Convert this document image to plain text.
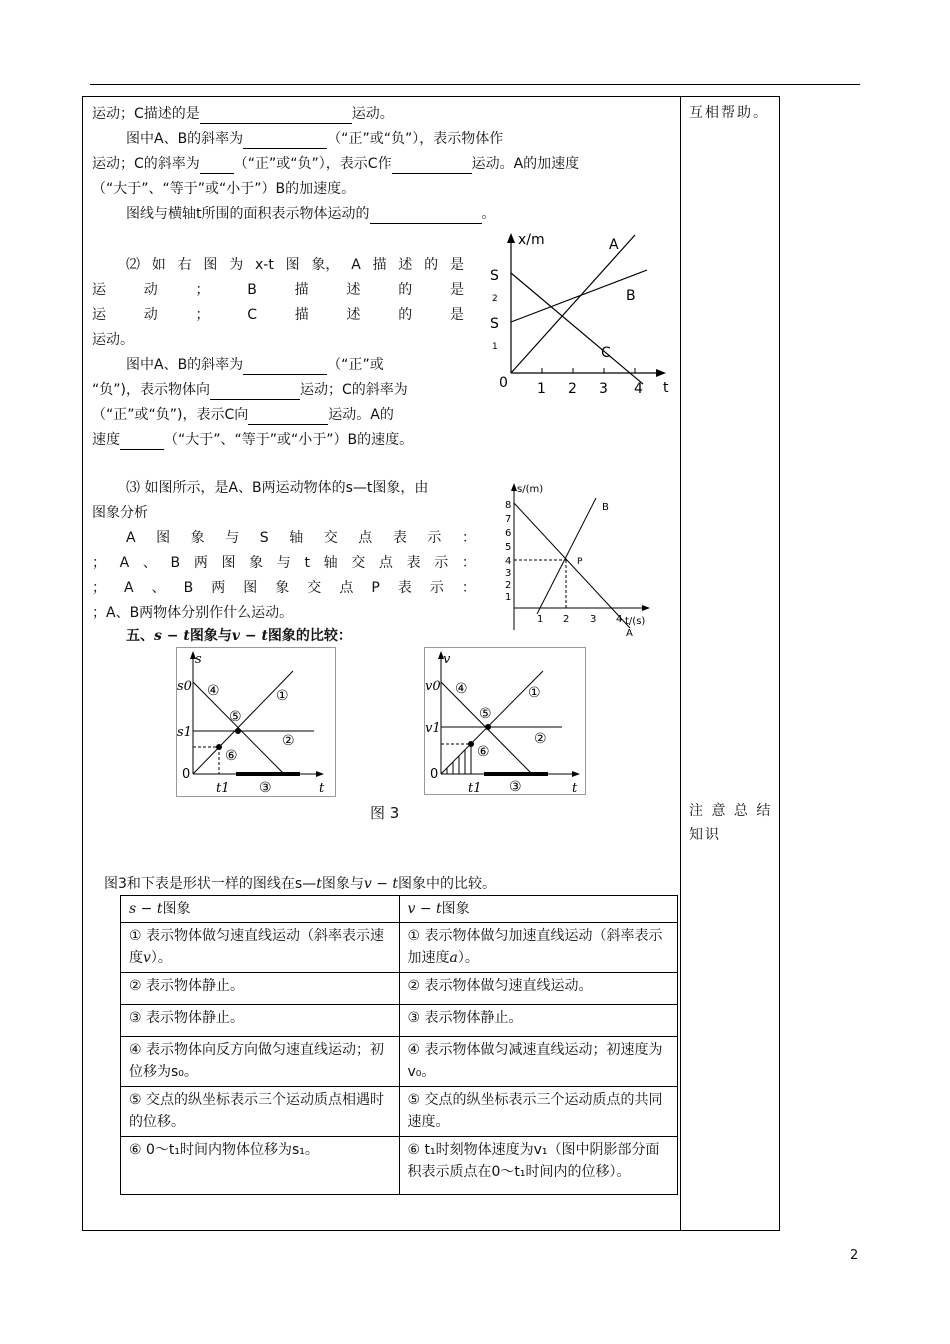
互相帮助。
注 意 总 结
知识
运动；C描述的是	运动。
图中A、B的斜率为	（“正”或“负”），表示物体作
运动；C的斜率为 （“正”或“负”），表示C作	运动。A的加速度
（“大于”、“等于”或“小于”）B的加速度。
图线与横轴t所围的面积表示物体运动的	。
⑵ 如 右 图 为 x-t 图 象， A 描 述 的 是
运	动	；	B	描	述	的	是
运	动	；	C	描	述	的	是
运动。
图中A、B的斜率为	（“正”或
“负”)，表示物体向	运动；C的斜率为
（“正”或“负”)，表示C向	运动。A的
速度	（“大于”、“等于”或“小于”）B的速度。
x/m
S
2
S
1
0 1 2 3 4 t
A
B
C
⑶ 如图所示，是A、B两运动物体的s—t图象，由
图象分析
A 图 象 与 S 轴 交 点 表 示 ：
； A 、 B 两 图 象 与 t 轴 交 点 表 示 ：
； A 、 B 两 图 象 交 点 P 表 示 ：
；A、B两物体分别作什么运动。
s/(m)
1
2
3
4
5
6
7
8
1 2 3 4 t/(s)
A
B
P
五、s − t图象与v − t图象的比较：
s
s0
s1
0
t1	t
①
②
③
④
⑤
⑥
v
v0
v1
0
t1	t
①
②
③
④
⑤
⑥
图 3
图3和下表是形状一样的图线在s—t图象与v − t图象中的比较。
s − t图象	v − t图象
① 表示物体做匀速直线运动（斜率表示速度v）。	① 表示物体做匀加速直线运动（斜率表示加速度a）。
② 表示物体静止。	② 表示物体做匀速直线运动。
③ 表示物体静止。	③ 表示物体静止。
④ 表示物体向反方向做匀速直线运动；初位移为s₀。	④ 表示物体做匀减速直线运动；初速度为v₀。
⑤ 交点的纵坐标表示三个运动质点相遇时的位移。	⑤ 交点的纵坐标表示三个运动质点的共同速度。
⑥ 0～t₁时间内物体位移为s₁。	⑥ t₁时刻物体速度为v₁（图中阴影部分面积表示质点在0～t₁时间内的位移）。
2
